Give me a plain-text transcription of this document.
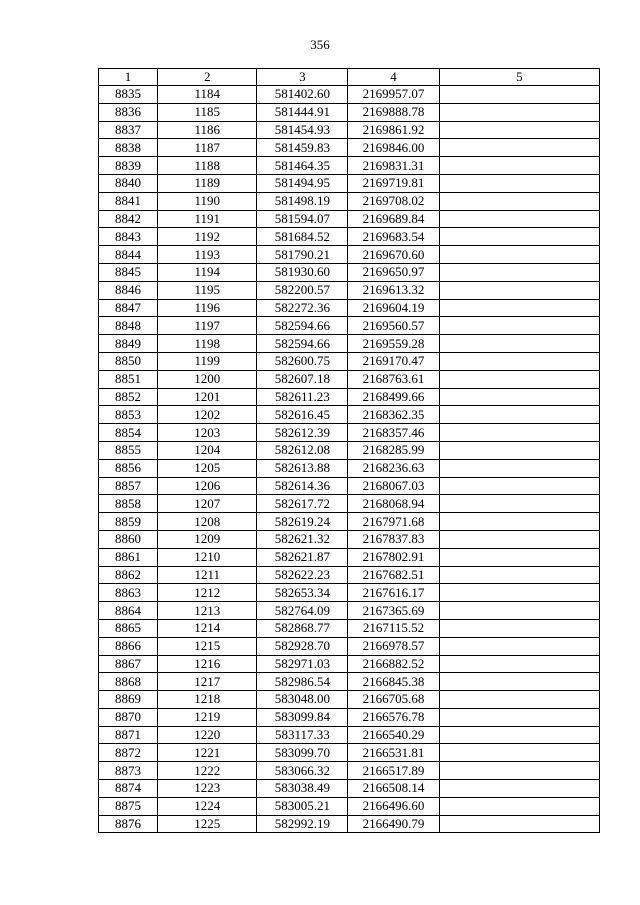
356
1	2	3	4	5
8835	1184	581402.60	2169957.07	
8836	1185	581444.91	2169888.78	
8837	1186	581454.93	2169861.92	
8838	1187	581459.83	2169846.00	
8839	1188	581464.35	2169831.31	
8840	1189	581494.95	2169719.81	
8841	1190	581498.19	2169708.02	
8842	1191	581594.07	2169689.84	
8843	1192	581684.52	2169683.54	
8844	1193	581790.21	2169670.60	
8845	1194	581930.60	2169650.97	
8846	1195	582200.57	2169613.32	
8847	1196	582272.36	2169604.19	
8848	1197	582594.66	2169560.57	
8849	1198	582594.66	2169559.28	
8850	1199	582600.75	2169170.47	
8851	1200	582607.18	2168763.61	
8852	1201	582611.23	2168499.66	
8853	1202	582616.45	2168362.35	
8854	1203	582612.39	2168357.46	
8855	1204	582612.08	2168285.99	
8856	1205	582613.88	2168236.63	
8857	1206	582614.36	2168067.03	
8858	1207	582617.72	2168068.94	
8859	1208	582619.24	2167971.68	
8860	1209	582621.32	2167837.83	
8861	1210	582621.87	2167802.91	
8862	1211	582622.23	2167682.51	
8863	1212	582653.34	2167616.17	
8864	1213	582764.09	2167365.69	
8865	1214	582868.77	2167115.52	
8866	1215	582928.70	2166978.57	
8867	1216	582971.03	2166882.52	
8868	1217	582986.54	2166845.38	
8869	1218	583048.00	2166705.68	
8870	1219	583099.84	2166576.78	
8871	1220	583117.33	2166540.29	
8872	1221	583099.70	2166531.81	
8873	1222	583066.32	2166517.89	
8874	1223	583038.49	2166508.14	
8875	1224	583005.21	2166496.60	
8876	1225	582992.19	2166490.79	
